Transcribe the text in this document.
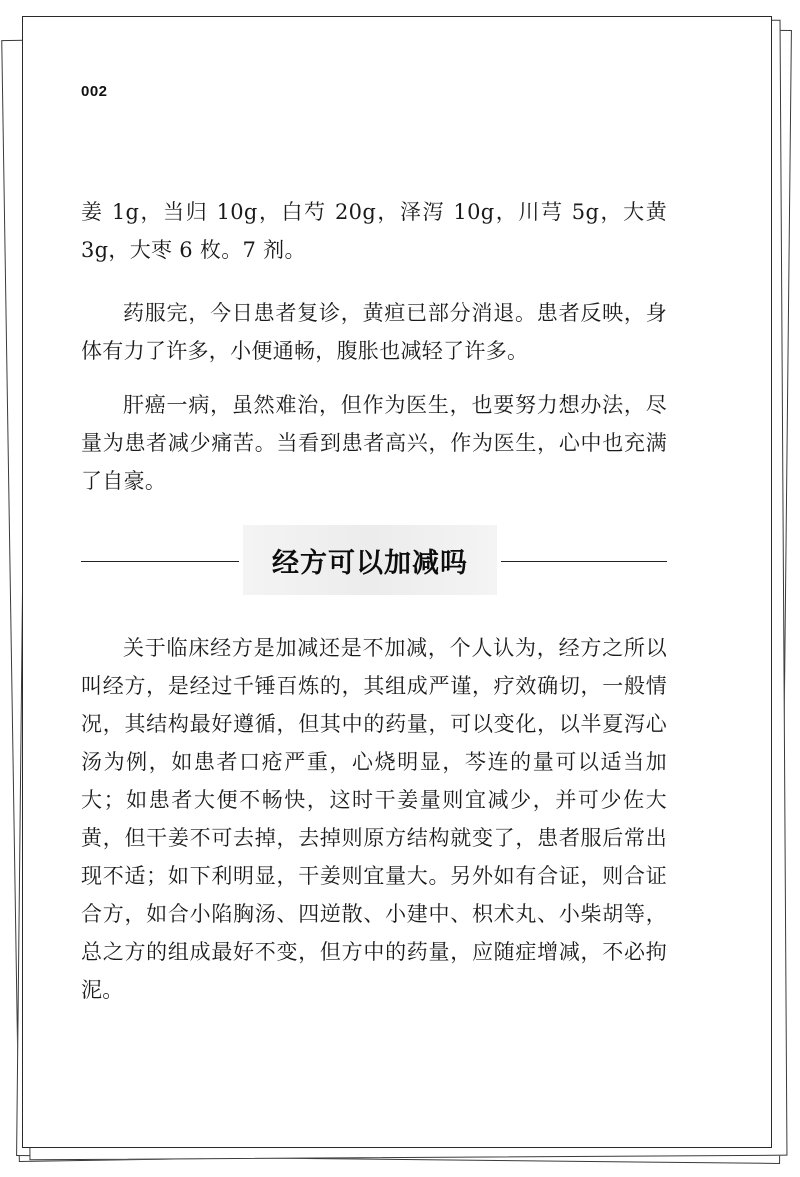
002

姜 1g，当归 10g，白芍 20g，泽泻 10g，川芎 5g，大黄 3g，大枣 6 枚。7 剂。

药服完，今日患者复诊，黄疸已部分消退。患者反映，身体有力了许多，小便通畅，腹胀也减轻了许多。

肝癌一病，虽然难治，但作为医生，也要努力想办法，尽量为患者减少痛苦。当看到患者高兴，作为医生，心中也充满了自豪。

经方可以加减吗

关于临床经方是加减还是不加减，个人认为，经方之所以叫经方，是经过千锤百炼的，其组成严谨，疗效确切，一般情况，其结构最好遵循，但其中的药量，可以变化，以半夏泻心汤为例，如患者口疮严重，心烧明显，芩连的量可以适当加大；如患者大便不畅快，这时干姜量则宜减少，并可少佐大黄，但干姜不可去掉，去掉则原方结构就变了，患者服后常出现不适；如下利明显，干姜则宜量大。另外如有合证，则合证合方，如合小陷胸汤、四逆散、小建中、枳术丸、小柴胡等，总之方的组成最好不变，但方中的药量，应随症增减，不必拘泥。
